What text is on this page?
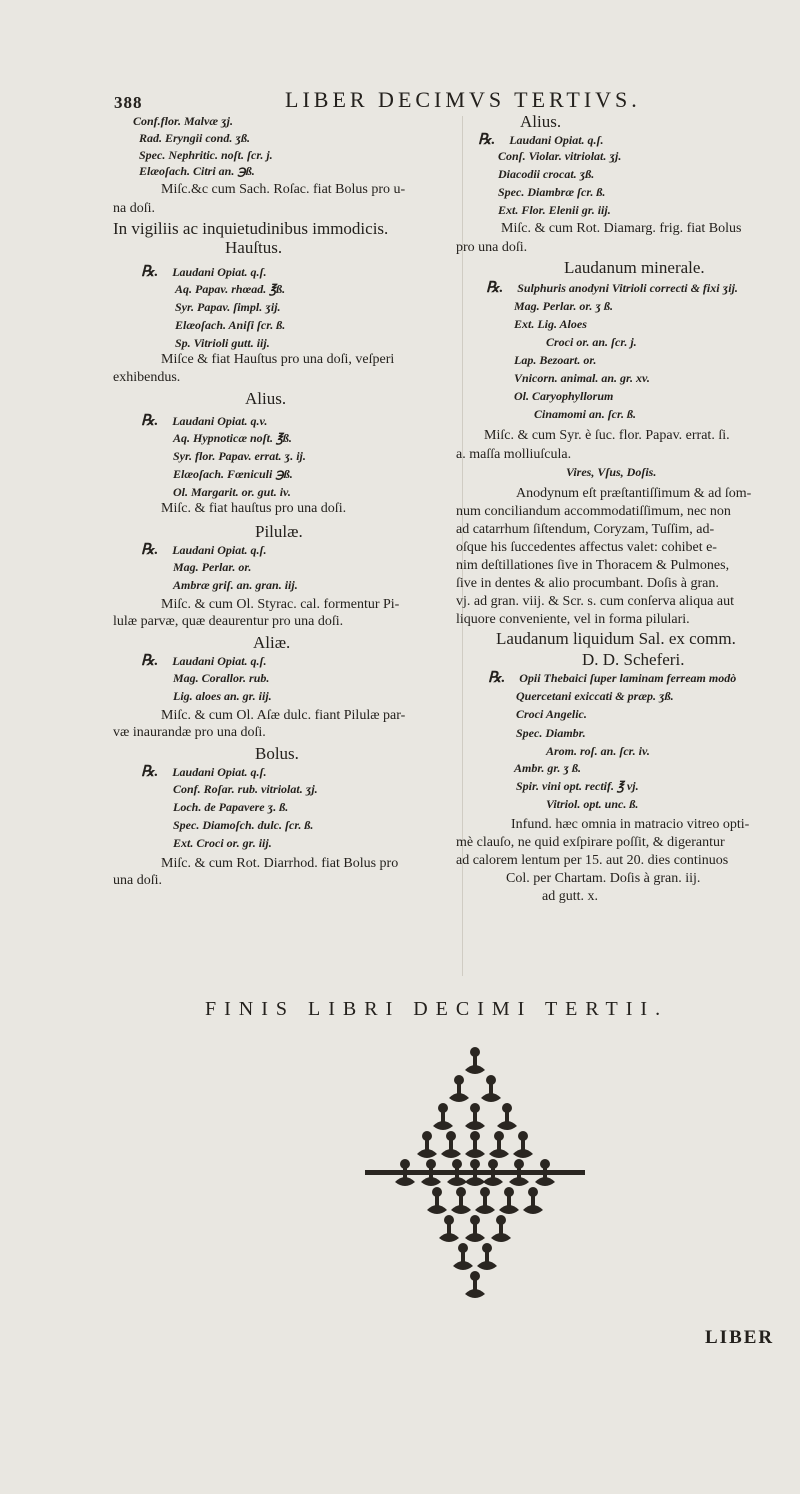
388	LIBER DECIMVS TERTIVS.
Conf.flor. Malvæ ʒj.
Rad. Eryngii cond. ʒß.
Spec. Nephritic. noſt. ſcr. j.
Elæoſach. Citri an. ℈ß.
Miſc.&c cum Sach. Roſac. fiat Bolus pro u-
na doſi.
In vigiliis ac inquietudinibus immodicis.
Hauſtus.
℞. Laudani Opiat. q.ſ.
Aq. Papav. rhœad. ℥ß.
Syr. Papav. ſimpl. ʒij.
Elæoſach. Aniſi ſcr. ß.
Sp. Vitrioli gutt. iij.
Miſce & fiat Hauſtus pro una doſi, veſperi
exhibendus.
Alius.
℞. Laudani Opiat. q.v.
Aq. Hypnoticæ noſt. ℥ß.
Syr. flor. Papav. errat. ʒ. ij.
Elæoſach. Fœniculi ℈ß.
Ol. Margarit. or. gut. iv.
Miſc. & fiat hauſtus pro una doſi.
Pilulæ.
℞. Laudani Opiat. q.ſ.
Mag. Perlar. or.
Ambræ griſ. an. gran. iij.
Miſc. & cum Ol. Styrac. cal. formentur Pi-
lulæ parvæ, quæ deaurentur pro una doſi.
Aliæ.
℞. Laudani Opiat. q.ſ.
Mag. Corallor. rub.
Lig. aloes an. gr. iij.
Miſc. & cum Ol. Aſæ dulc. fiant Pilulæ par-
væ inaurandæ pro una doſi.
Bolus.
℞. Laudani Opiat. q.ſ.
Conf. Roſar. rub. vitriolat. ʒj.
Loch. de Papavere ʒ. ß.
Spec. Diamoſch. dulc. ſcr. ß.
Ext. Croci or. gr. iij.
Miſc. & cum Rot. Diarrhod. fiat Bolus pro
una doſi.
Alius.
℞. Laudani Opiat. q.ſ.
Conſ. Violar. vitriolat. ʒj.
Diacodii crocat. ʒß.
Spec. Diambræ ſcr. ß.
Ext. Flor. Elenii gr. iij.
Miſc. & cum Rot. Diamarg. frig. fiat Bolus
pro una doſi.
Laudanum minerale.
℞. Sulphuris anodyni Vitrioli correcti & fixi ʒij.
Mag. Perlar. or. ʒ ß.
Ext. Lig. Aloes
Croci or. an. ſcr. j.
Lap. Bezoart. or.
Vnicorn. animal. an. gr. xv.
Ol. Caryophyllorum
Cinamomi an. ſcr. ß.
Miſc. & cum Syr. è ſuc. flor. Papav. errat. ſi.
a. maſſa molliuſcula.
Vires, Vſus, Doſis.
Anodynum eſt præſtantiſſimum & ad ſom-
num conciliandum accommodatiſſimum, nec non
ad catarrhum ſiſtendum, Coryzam, Tuſſim, ad-
oſque his ſuccedentes affectus valet: cohibet e-
nim deſtillationes ſive in Thoracem & Pulmones,
ſive in dentes & alio procumbant. Doſis à gran.
vj. ad gran. viij. & Scr. s. cum conſerva aliqua aut
liquore conveniente, vel in forma pilulari.
Laudanum liquidum Sal. ex comm.
D. D. Scheferi.
℞. Opii Thebaici ſuper laminam ferream modò
Quercetani exiccati & præp. ʒß.
Croci Angelic.
Spec. Diambr.
Arom. roſ. an. ſcr. iv.
Ambr. gr. ʒ ß.
Spir. vini opt. rectif. ℥ vj.
Vitriol. opt. unc. ß.
Infund. hæc omnia in matracio vitreo opti-
mè clauſo, ne quid exſpirare poſſit, & digerantur
ad calorem lentum per 15. aut 20. dies continuos
Col. per Chartam. Doſis à gran. iij.
ad gutt. x.
FINIS LIBRI DECIMI TERTII.
LIBER
